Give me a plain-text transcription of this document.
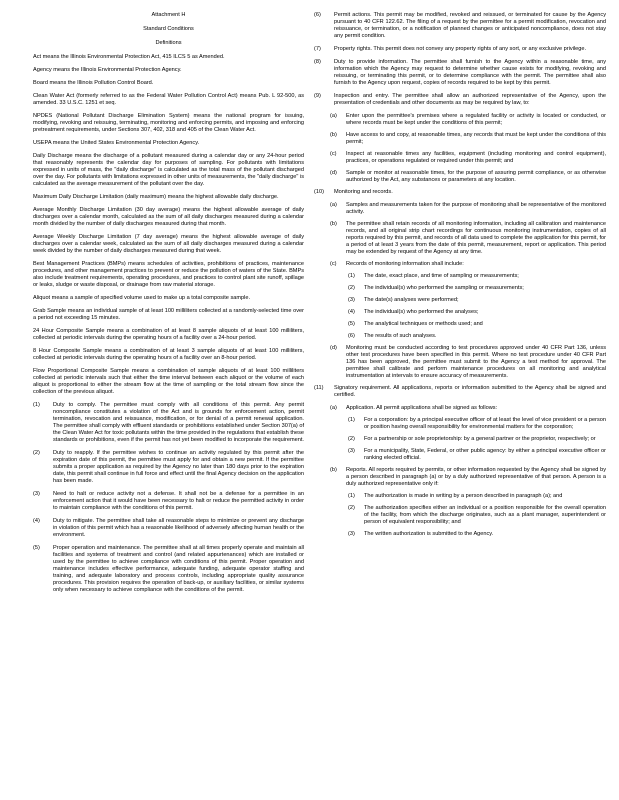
Attachment H
Standard Conditions
Definitions

Act means the Illinois Environmental Protection Act, 415 ILCS 5 as Amended.

Agency means the Illinois Environmental Protection Agency.

Board means the Illinois Pollution Control Board.

Clean Water Act (formerly referred to as the Federal Water Pollution Control Act) means Pub. L 92-500, as amended. 33 U.S.C. 1251 et seq.

NPDES (National Pollutant Discharge Elimination System) means the national program for issuing, modifying, revoking and reissuing, terminating, monitoring and enforcing permits, and imposing and enforcing pretreatment requirements, under Sections 307, 402, 318 and 405 of the Clean Water Act.

USEPA means the United States Environmental Protection Agency.

Daily Discharge means the discharge of a pollutant measured during a calendar day or any 24-hour period that reasonably represents the calendar day for purposes of sampling. For pollutants with limitations expressed in units of mass, the "daily discharge" is calculated as the total mass of the pollutant discharged over the day. For pollutants with limitations expressed in other units of measurements, the "daily discharge" is calculated as the average measurement of the pollutant over the day.

Maximum Daily Discharge Limitation (daily maximum) means the highest allowable daily discharge.

Average Monthly Discharge Limitation (30 day average) means the highest allowable average of daily discharges over a calendar month, calculated as the sum of all daily discharges measured during a calendar month divided by the number of daily discharges measured during that month.

Average Weekly Discharge Limitation (7 day average) means the highest allowable average of daily discharges over a calendar week, calculated as the sum of all daily discharges measured during a calendar week divided by the number of daily discharges measured during that week.

Best Management Practices (BMPs) means schedules of activities, prohibitions of practices, maintenance procedures, and other management practices to prevent or reduce the pollution of waters of the State. BMPs also include treatment requirements, operating procedures, and practices to control plant site runoff, spillage or leaks, sludge or waste disposal, or drainage from raw material storage.

Aliquot means a sample of specified volume used to make up a total composite sample.

Grab Sample means an individual sample of at least 100 milliliters collected at a randomly-selected time over a period not exceeding 15 minutes.

24 Hour Composite Sample means a combination of at least 8 sample aliquots of at least 100 milliliters, collected at periodic intervals during the operating hours of a facility over a 24-hour period.

8 Hour Composite Sample means a combination of at least 3 sample aliquots of at least 100 milliliters, collected at periodic intervals during the operating hours of a facility over an 8-hour period.

Flow Proportional Composite Sample means a combination of sample aliquots of at least 100 milliliters collected at periodic intervals such that either the time interval between each aliquot or the volume of each aliquot is proportional to either the stream flow at the time of sampling or the total stream flow since the collection of the previous aliquot.

(1)	Duty to comply. The permittee must comply with all conditions of this permit. Any permit noncompliance constitutes a violation of the Act and is grounds for enforcement action, permit termination, revocation and reissuance, modification, or for denial of a permit renewal application. The permittee shall comply with effluent standards or prohibitions established under Section 307(a) of the Clean Water Act for toxic pollutants within the time provided in the regulations that establish these standards or prohibitions, even if the permit has not yet been modified to incorporate the requirement.
(2)	Duty to reapply. If the permittee wishes to continue an activity regulated by this permit after the expiration date of this permit, the permittee must apply for and obtain a new permit. If the permittee submits a proper application as required by the Agency no later than 180 days prior to the expiration date, this permit shall continue in full force and effect until the final Agency decision on the application has been made.
(3)	Need to halt or reduce activity not a defense. It shall not be a defense for a permittee in an enforcement action that it would have been necessary to halt or reduce the permitted activity in order to maintain compliance with the conditions of this permit.
(4)	Duty to mitigate. The permittee shall take all reasonable steps to minimize or prevent any discharge in violation of this permit which has a reasonable likelihood of adversely affecting human health or the environment.
(5)	Proper operation and maintenance. The permittee shall at all times properly operate and maintain all facilities and systems of treatment and control (and related appurtenances) which are installed or used by the permittee to achieve compliance with conditions of this permit. Proper operation and maintenance includes effective performance, adequate funding, adequate operator staffing and training, and adequate laboratory and process controls, including appropriate quality assurance procedures. This provision requires the operation of back-up, or auxiliary facilities, or similar systems only when necessary to achieve compliance with the conditions of the permit.
(6)	Permit actions. This permit may be modified, revoked and reissued, or terminated for cause by the Agency pursuant to 40 CFR 122.62. The filing of a request by the permittee for a permit modification, revocation and reissuance, or termination, or a notification of planned changes or anticipated noncompliance, does not stay any permit condition.
(7)	Property rights. This permit does not convey any property rights of any sort, or any exclusive privilege.
(8)	Duty to provide information. The permittee shall furnish to the Agency within a reasonable time, any information which the Agency may request to determine whether cause exists for modifying, revoking and reissuing, or terminating this permit, or to determine compliance with the permit. The permittee shall also furnish to the Agency upon request, copies of records required to be kept by this permit.
(9)	Inspection and entry. The permittee shall allow an authorized representative of the Agency, upon the presentation of credentials and other documents as may be required by law, to:
(a)	Enter upon the permittee's premises where a regulated facility or activity is located or conducted, or where records must be kept under the conditions of this permit;
(b)	Have access to and copy, at reasonable times, any records that must be kept under the conditions of this permit;
(c)	Inspect at reasonable times any facilities, equipment (including monitoring and control equipment), practices, or operations regulated or required under this permit; and
(d)	Sample or monitor at reasonable times, for the purpose of assuring permit compliance, or as otherwise authorized by the Act, any substances or parameters at any location.
(10)	Monitoring and records.
(a)	Samples and measurements taken for the purpose of monitoring shall be representative of the monitored activity.
(b)	The permittee shall retain records of all monitoring information, including all calibration and maintenance records, and all original strip chart recordings for continuous monitoring instrumentation, copies of all reports required by this permit, and records of all data used to complete the application for this permit, for a period of at least 3 years from the date of this permit, measurement, report or application. This period may be extended by request of the Agency at any time.
(c)	Records of monitoring information shall include:
(1)	The date, exact place, and time of sampling or measurements;
(2)	The individual(s) who performed the sampling or measurements;
(3)	The date(s) analyses were performed;
(4)	The individual(s) who performed the analyses;
(5)	The analytical techniques or methods used; and
(6)	The results of such analyses.
(d)	Monitoring must be conducted according to test procedures approved under 40 CFR Part 136, unless other test procedures have been specified in this permit. Where no test procedure under 40 CFR Part 136 has been approved, the permittee must submit to the Agency a test method for approval. The permittee shall calibrate and perform maintenance procedures on all monitoring and analytical instrumentation at intervals to ensure accuracy of measurements.
(11)	Signatory requirement. All applications, reports or information submitted to the Agency shall be signed and certified.
(a)	Application. All permit applications shall be signed as follows:
(1)	For a corporation: by a principal executive officer of at least the level of vice president or a person or position having overall responsibility for environmental matters for the corporation;
(2)	For a partnership or sole proprietorship: by a general partner or the proprietor, respectively; or
(3)	For a municipality, State, Federal, or other public agency: by either a principal executive officer or ranking elected official.
(b)	Reports. All reports required by permits, or other information requested by the Agency shall be signed by a person described in paragraph (a) or by a duly authorized representative of that person. A person is a duly authorized representative only if:
(1)	The authorization is made in writing by a person described in paragraph (a); and
(2)	The authorization specifies either an individual or a position responsible for the overall operation of the facility, from which the discharge originates, such as a plant manager, superintendent or person of equivalent responsibility; and
(3)	The written authorization is submitted to the Agency.
